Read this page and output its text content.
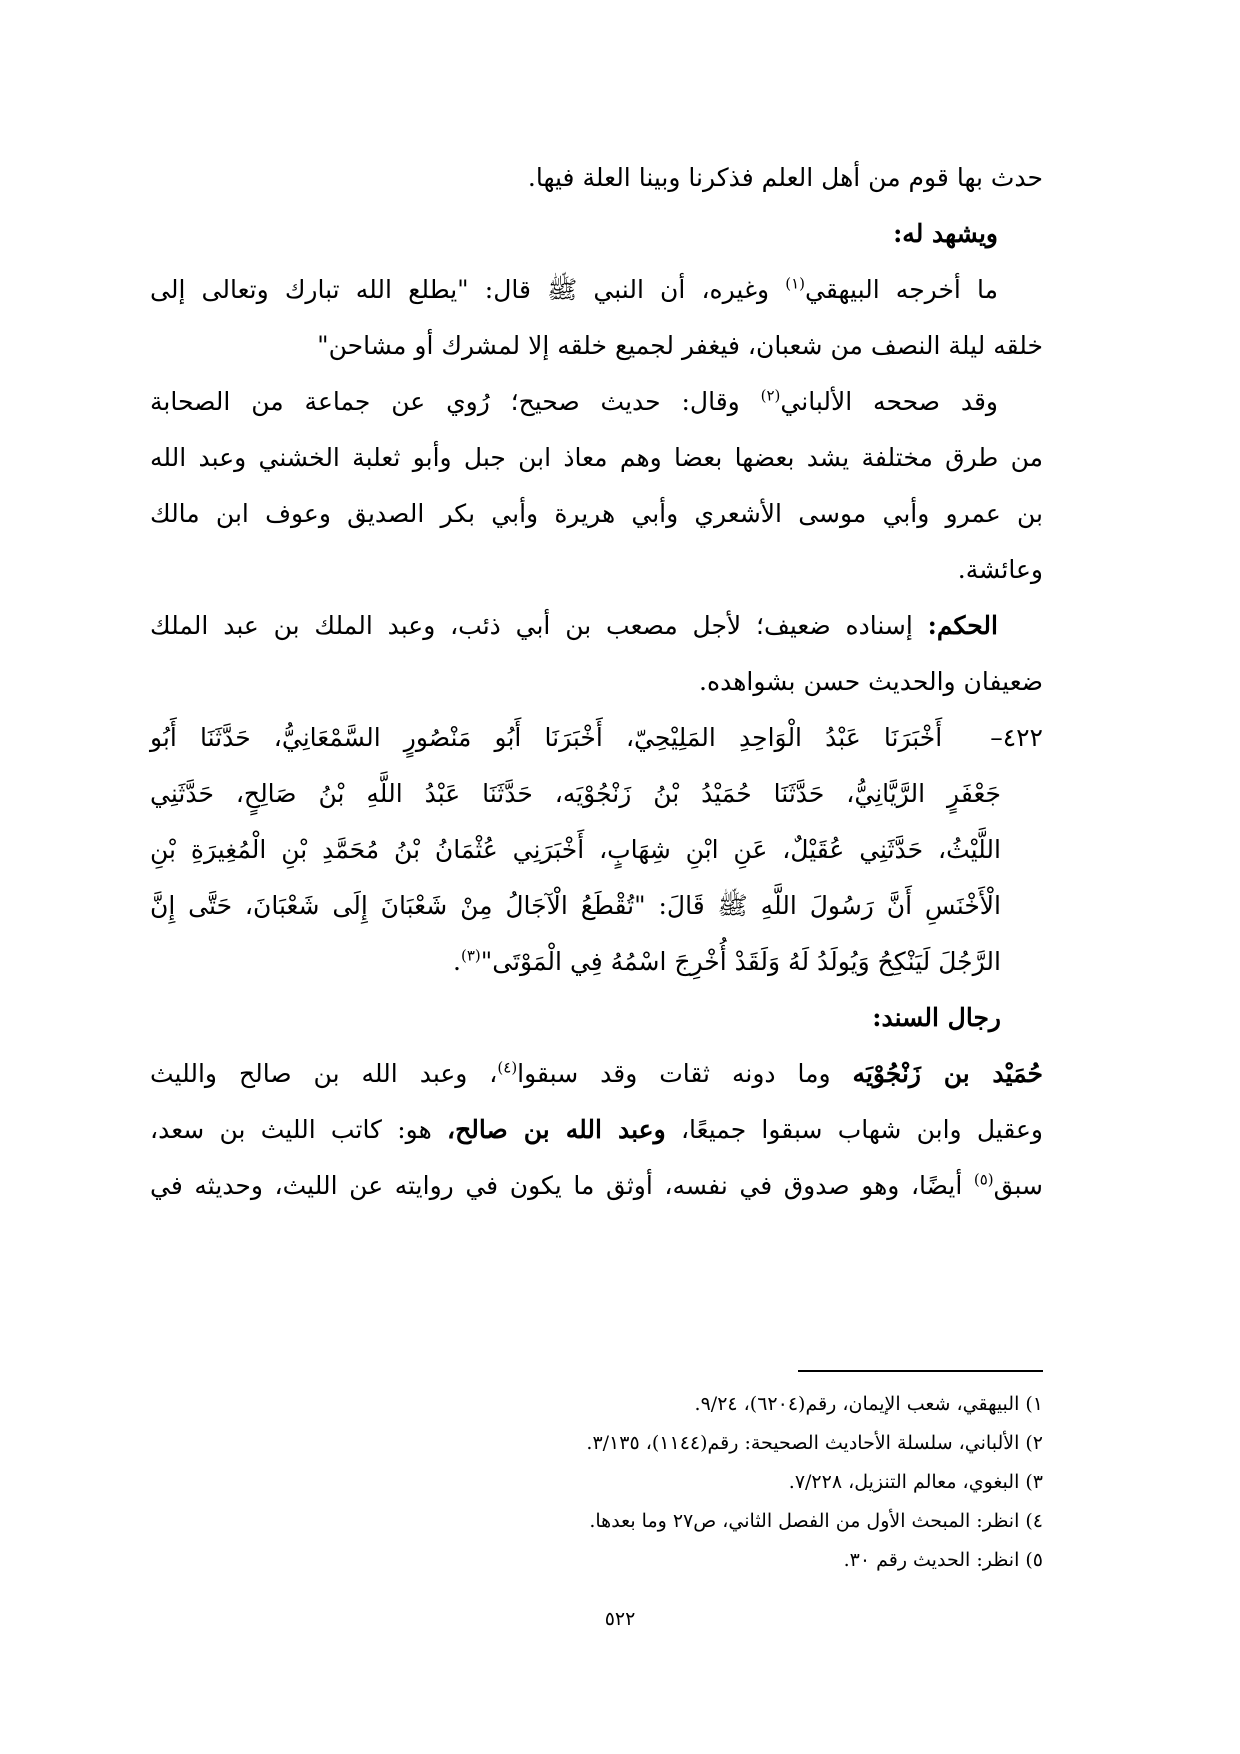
حدث بها قوم من أهل العلم فذكرنا وبينا العلة فيها.
ويشهد له:
ما أخرجه البيهقي$^{(١)}$ وغيره، أن النبي ﷺ قال: "يطلع الله تبارك وتعالى إلى
خلقه ليلة النصف من شعبان، فيغفر لجميع خلقه إلا لمشرك أو مشاحن"
وقد صححه الألباني$^{(٢)}$ وقال: حديث صحيح؛ رُوي عن جماعة من الصحابة
من طرق مختلفة يشد بعضها بعضا وهم معاذ ابن جبل وأبو ثعلبة الخشني وعبد الله
بن عمرو وأبي موسى الأشعري وأبي هريرة وأبي بكر الصديق وعوف ابن مالك
وعائشة.
الحكم: إسناده ضعيف؛ لأجل مصعب بن أبي ذئب، وعبد الملك بن عبد الملك
ضعيفان والحديث حسن بشواهده.
٤٢٢–أَخْبَرَنَا عَبْدُ الْوَاحِدِ المَلِيْحِيّ، أَخْبَرَنَا أَبُو مَنْصُورٍ السَّمْعَانِيُّ، حَدَّثَنَا أَبُو
جَعْفَرٍ الرَّيَّانِيُّ، حَدَّثَنَا حُمَيْدُ بْنُ زَنْجُوْيَه، حَدَّثَنَا عَبْدُ اللَّهِ بْنُ صَالِحٍ، حَدَّثَنِي
اللَّيْثُ، حَدَّثَنِي عُقَيْلٌ، عَنِ ابْنِ شِهَابٍ، أَخْبَرَنِي عُثْمَانُ بْنُ مُحَمَّدِ بْنِ الْمُغِيرَةِ بْنِ
الْأَخْنَسِ أَنَّ رَسُولَ اللَّهِ ﷺ قَالَ: "تُقْطَعُ الْآجَالُ مِنْ شَعْبَانَ إِلَى شَعْبَانَ، حَتَّى إِنَّ
الرَّجُلَ لَيَنْكِحُ وَيُولَدُ لَهُ وَلَقَدْ أُخْرِجَ اسْمُهُ فِي الْمَوْتَى"$^{(٣)}$.
رجال السند:
حُمَيْد بن زَنْجُوْيَه وما دونه ثقات وقد سبقوا$^{(٤)}$، وعبد الله بن صالح والليث
وعقيل وابن شهاب سبقوا جميعًا، وعبد الله بن صالح، هو: كاتب الليث بن سعد،
سبق$^{(٥)}$ أيضًا، وهو صدوق في نفسه، أوثق ما يكون في روايته عن الليث، وحديثه في
١)البيهقي، شعب الإيمان، رقم(٦٢٠٤)، ٩/٢٤.
٢)الألباني، سلسلة الأحاديث الصحيحة: رقم(١١٤٤)، ٣/١٣٥.
٣)البغوي، معالم التنزيل، ٧/٢٢٨.
٤)انظر: المبحث الأول من الفصل الثاني، ص٢٧ وما بعدها.
٥)انظر: الحديث رقم ٣٠.
٥٢٢
